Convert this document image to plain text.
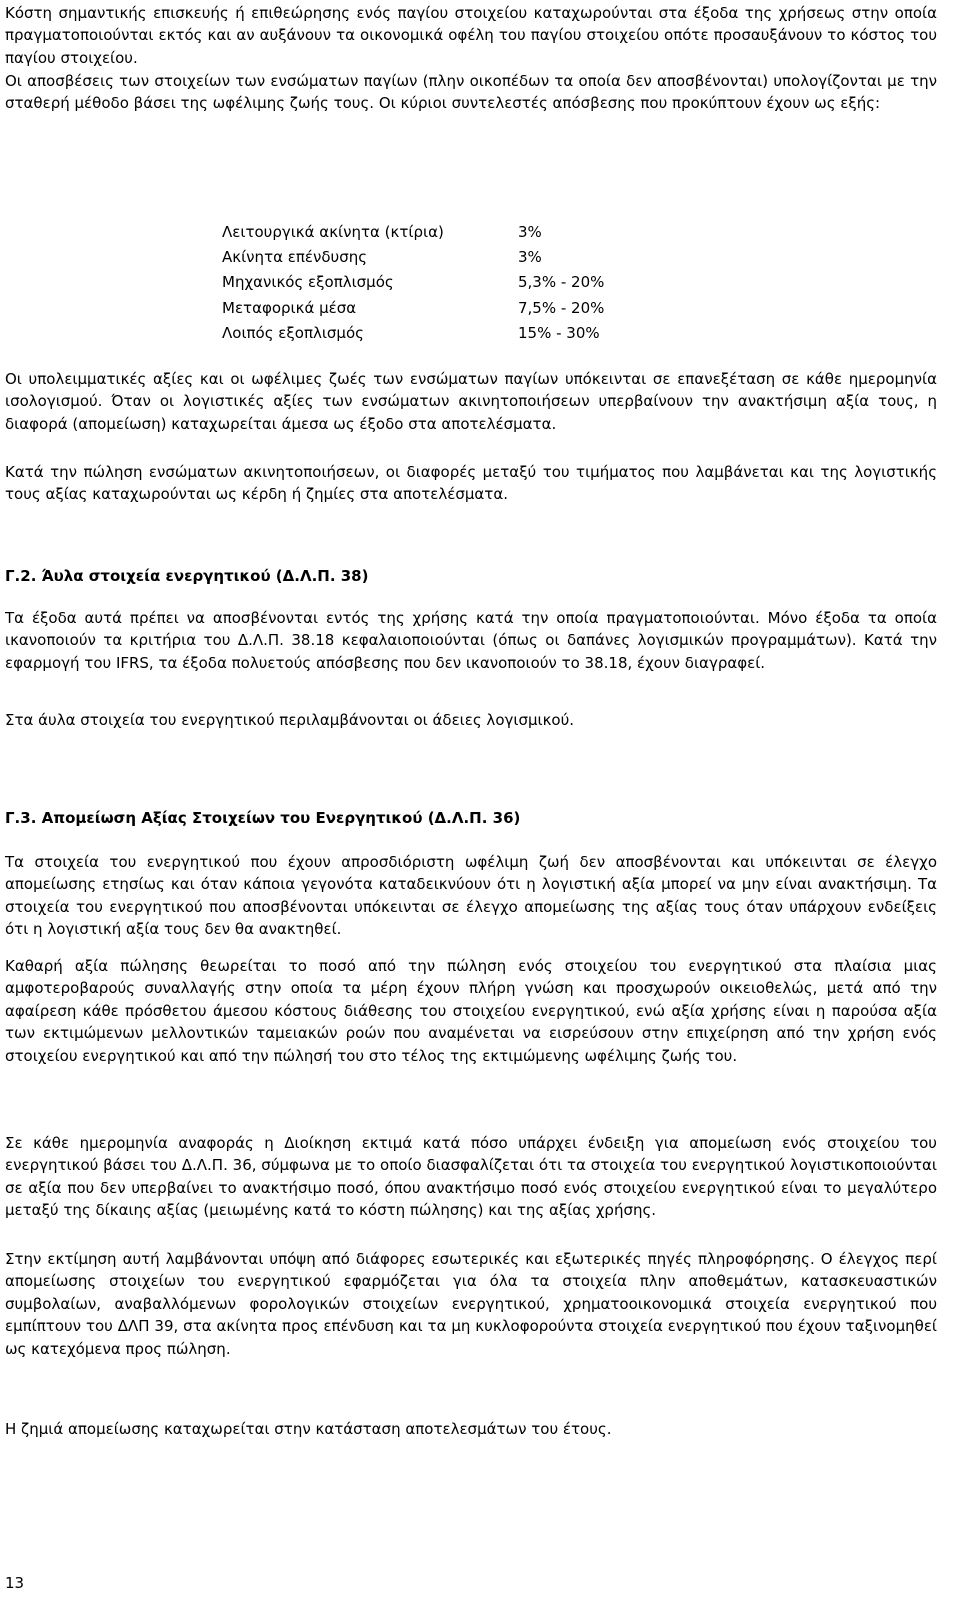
Κόστη σημαντικής επισκευής ή επιθεώρησης ενός παγίου στοιχείου καταχωρούνται στα έξοδα της χρήσεως στην οποία πραγματοποιούνται εκτός και αν αυξάνουν τα οικονομικά οφέλη του παγίου στοιχείου οπότε προσαυξάνουν το κόστος του παγίου στοιχείου.

Οι αποσβέσεις των στοιχείων των ενσώματων παγίων (πλην οικοπέδων τα οποία δεν αποσβένονται) υπολογίζονται με την σταθερή μέθοδο βάσει της ωφέλιμης ζωής τους. Οι κύριοι συντελεστές απόσβεσης που προκύπτουν έχουν ως εξής:

Λειτουργικά ακίνητα (κτίρια)	3%
Ακίνητα επένδυσης	3%
Μηχανικός εξοπλισμός	5,3% - 20%
Μεταφορικά μέσα	7,5% - 20%
Λοιπός εξοπλισμός	15% - 30%

Οι υπολειμματικές αξίες και οι ωφέλιμες ζωές των ενσώματων παγίων υπόκεινται σε επανεξέταση σε κάθε ημερομηνία ισολογισμού. Όταν οι λογιστικές αξίες των ενσώματων ακινητοποιήσεων υπερβαίνουν την ανακτήσιμη αξία τους, η διαφορά (απομείωση) καταχωρείται άμεσα ως έξοδο στα αποτελέσματα.

Κατά την πώληση ενσώματων ακινητοποιήσεων, οι διαφορές μεταξύ του τιμήματος που λαμβάνεται και της λογιστικής τους αξίας καταχωρούνται ως κέρδη ή ζημίες στα αποτελέσματα.

Γ.2. Άυλα στοιχεία ενεργητικού (Δ.Λ.Π. 38)

Τα έξοδα αυτά πρέπει να αποσβένονται εντός της χρήσης κατά την οποία πραγματοποιούνται. Μόνο έξοδα τα οποία ικανοποιούν τα κριτήρια του Δ.Λ.Π. 38.18 κεφαλαιοποιούνται (όπως οι δαπάνες λογισμικών προγραμμάτων). Κατά την εφαρμογή του IFRS, τα έξοδα πολυετούς απόσβεσης που δεν ικανοποιούν το 38.18, έχουν διαγραφεί.

Στα άυλα στοιχεία του ενεργητικού περιλαμβάνονται οι άδειες λογισμικού.

Γ.3. Απομείωση Αξίας Στοιχείων του Ενεργητικού (Δ.Λ.Π. 36)

Τα στοιχεία του ενεργητικού που έχουν απροσδιόριστη ωφέλιμη ζωή δεν αποσβένονται και υπόκεινται σε έλεγχο απομείωσης ετησίως και όταν κάποια γεγονότα καταδεικνύουν ότι η λογιστική αξία μπορεί να μην είναι ανακτήσιμη. Τα στοιχεία του ενεργητικού που αποσβένονται υπόκεινται σε έλεγχο απομείωσης της αξίας τους όταν υπάρχουν ενδείξεις ότι η λογιστική αξία τους δεν θα ανακτηθεί.

Καθαρή αξία πώλησης θεωρείται το ποσό από την πώληση ενός στοιχείου του ενεργητικού στα πλαίσια μιας αμφοτεροβαρούς συναλλαγής στην οποία τα μέρη έχουν πλήρη γνώση και προσχωρούν οικειοθελώς, μετά από την αφαίρεση κάθε πρόσθετου άμεσου κόστους διάθεσης του στοιχείου ενεργητικού, ενώ αξία χρήσης είναι η παρούσα αξία των εκτιμώμενων μελλοντικών ταμειακών ροών που αναμένεται να εισρεύσουν στην επιχείρηση από την χρήση ενός στοιχείου ενεργητικού και από την πώλησή του στο τέλος της εκτιμώμενης ωφέλιμης ζωής του.

Σε κάθε ημερομηνία αναφοράς η Διοίκηση εκτιμά κατά πόσο υπάρχει ένδειξη για απομείωση ενός στοιχείου του ενεργητικού βάσει του Δ.Λ.Π. 36, σύμφωνα με το οποίο διασφαλίζεται ότι τα στοιχεία του ενεργητικού λογιστικοποιούνται σε αξία που δεν υπερβαίνει το ανακτήσιμο ποσό, όπου ανακτήσιμο ποσό ενός στοιχείου ενεργητικού είναι το μεγαλύτερο μεταξύ της δίκαιης αξίας (μειωμένης κατά το κόστη πώλησης) και της αξίας χρήσης.

Στην εκτίμηση αυτή λαμβάνονται υπόψη από διάφορες εσωτερικές και εξωτερικές πηγές πληροφόρησης. Ο έλεγχος περί απομείωσης στοιχείων του ενεργητικού εφαρμόζεται για όλα τα στοιχεία πλην αποθεμάτων, κατασκευαστικών συμβολαίων, αναβαλλόμενων φορολογικών στοιχείων ενεργητικού, χρηματοοικονομικά στοιχεία ενεργητικού που εμπίπτουν του ΔΛΠ 39, στα ακίνητα προς επένδυση και τα μη κυκλοφορούντα στοιχεία ενεργητικού που έχουν ταξινομηθεί ως κατεχόμενα προς πώληση.

Η ζημιά απομείωσης καταχωρείται στην κατάσταση αποτελεσμάτων του έτους.

13
